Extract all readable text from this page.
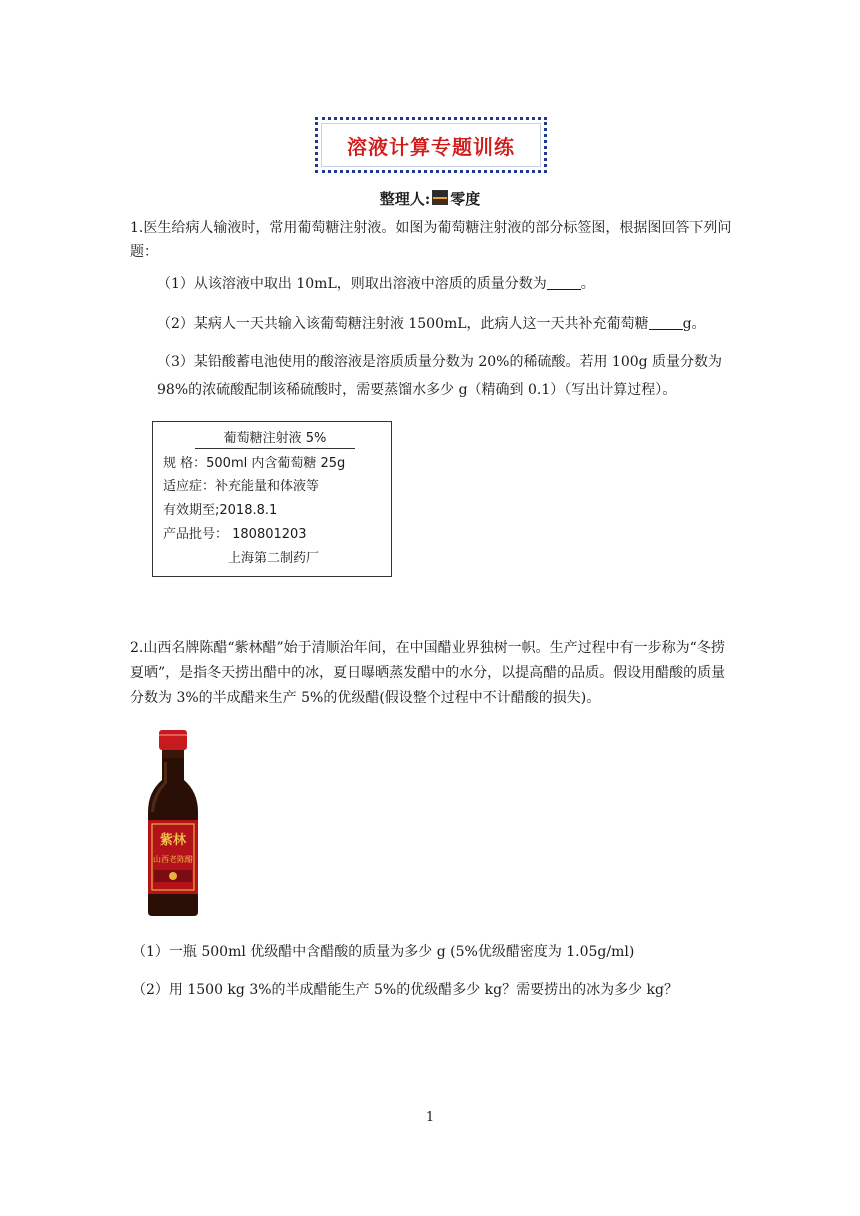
溶液计算专题训练
整理人: 零度
1.医生给病人输液时，常用葡萄糖注射液。如图为葡萄糖注射液的部分标签图，根据图回答下列问题：
（1）从该溶液中取出 10mL，则取出溶液中溶质的质量分数为 。
（2）某病人一天共输入该葡萄糖注射液 1500mL，此病人这一天共补充葡萄糖 g。
（3）某铅酸蓄电池使用的酸溶液是溶质质量分数为 20%的稀硫酸。若用 100g 质量分数为 98%的浓硫酸配制该稀硫酸时，需要蒸馏水多少 g（精确到 0.1）（写出计算过程）。
葡萄糖注射液 5%
规 格：500ml 内含葡萄糖 25g
适应症：补充能量和体液等
有效期至;2018.8.1
产品批号： 180801203
上海第二制药厂
2.山西名牌陈醋“紫林醋”始于清顺治年间，在中国醋业界独树一帜。生产过程中有一步称为“冬捞夏晒”，是指冬天捞出醋中的冰，夏日曝晒蒸发醋中的水分，以提高醋的品质。假设用醋酸的质量分数为 3%的半成醋来生产 5%的优级醋(假设整个过程中不计醋酸的损失)。
紫林
山西老陈醋
（1）一瓶 500ml 优级醋中含醋酸的质量为多少 g (5%优级醋密度为 1.05g/ml)
（2）用 1500 kg 3%的半成醋能生产 5%的优级醋多少 kg？需要捞出的冰为多少 kg？
1
